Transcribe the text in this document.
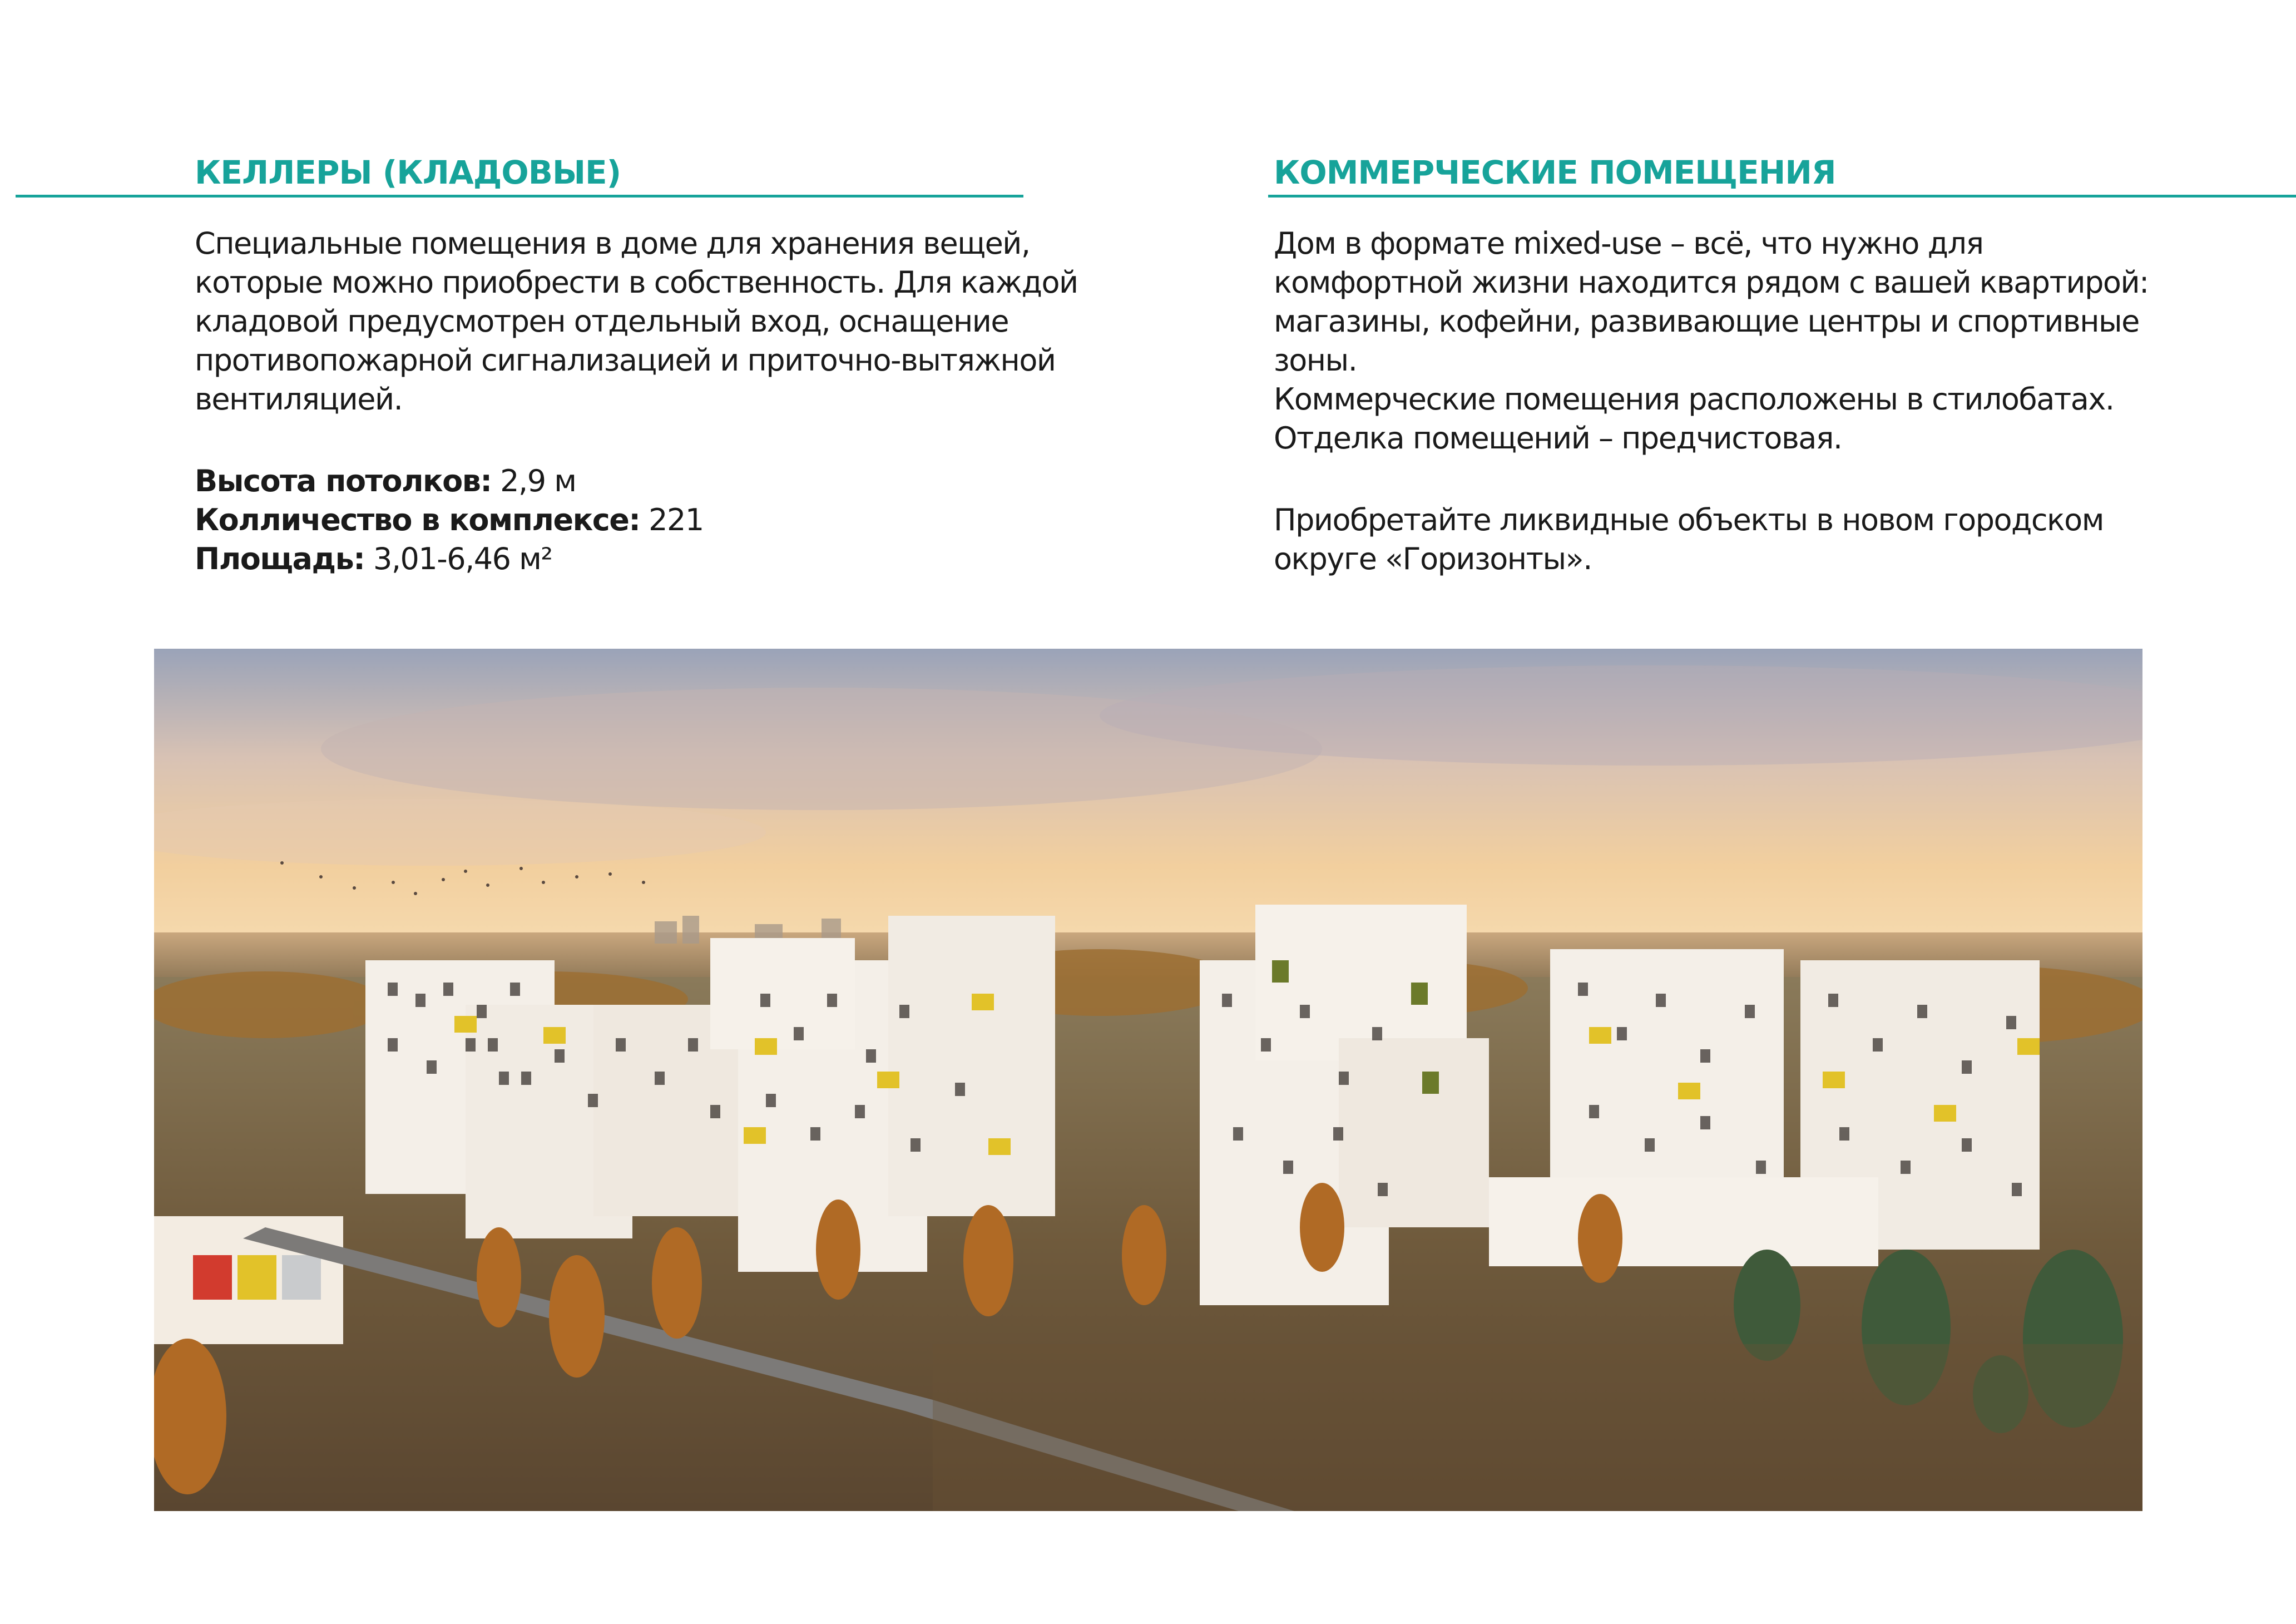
КЕЛЛЕРЫ (КЛАДОВЫЕ)

Специальные помещения в доме для хранения вещей,
которые можно приобрести в собственность. Для каждой
кладовой предусмотрен отдельный вход, оснащение
противопожарной сигнализацией и приточно-вытяжной
вентиляцией.

Высота потолков: 2,9 м
Колличество в комплексе: 221
Площадь: 3,01-6,46 м²
КОММЕРЧЕСКИЕ ПОМЕЩЕНИЯ

Дом в формате mixed-use – всё, что нужно для
комфортной жизни находится рядом с вашей квартирой:
магазины, кофейни, развивающие центры и спортивные
зоны.
Коммерческие помещения расположены в стилобатах.
Отделка помещений – предчистовая.

Приобретайте ликвидные объекты в новом городском
округе «Горизонты».
